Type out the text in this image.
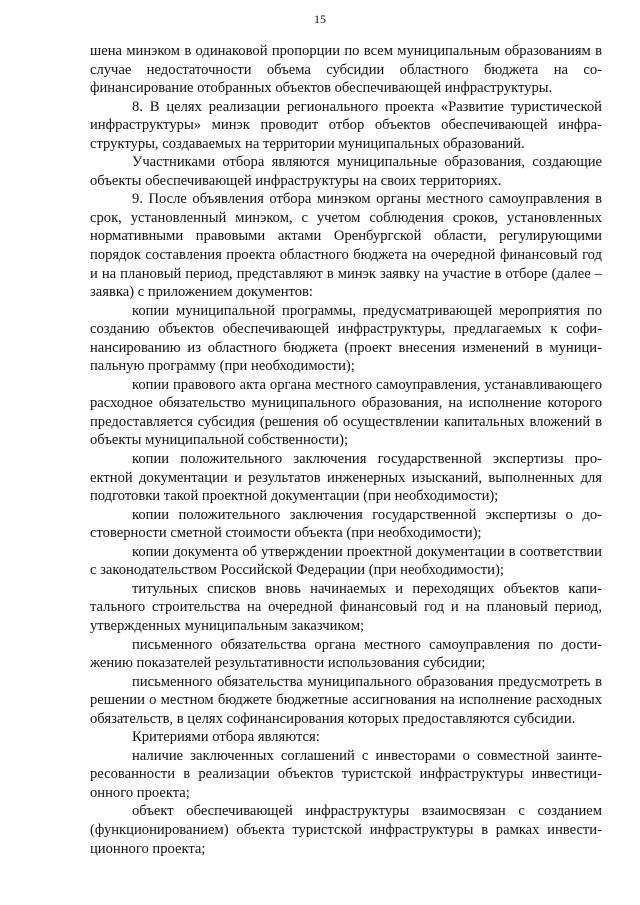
15

шена минэком в одинаковой пропорции по всем муниципальным образованиям в случае недостаточности объема субсидии областного бюджета на софинансирование отобранных объектов обеспечивающей инфраструктуры.

8. В целях реализации регионального проекта «Развитие туристической инфраструктуры» минэк проводит отбор объектов обеспечивающей инфраструктуры, создаваемых на территории муниципальных образований.

Участниками отбора являются муниципальные образования, создающие объекты обеспечивающей инфраструктуры на своих территориях.

9. После объявления отбора минэком органы местного самоуправления в срок, установленный минэком, с учетом соблюдения сроков, установленных нормативными правовыми актами Оренбургской области, регулирующими порядок составления проекта областного бюджета на очередной финансовый год и на плановый период, представляют в минэк заявку на участие в отборе (далее – заявка) с приложением документов:

копии муниципальной программы, предусматривающей мероприятия по созданию объектов обеспечивающей инфраструктуры, предлагаемых к софинансированию из областного бюджета (проект внесения изменений в муниципальную программу (при необходимости);

копии правового акта органа местного самоуправления, устанавливающего расходное обязательство муниципального образования, на исполнение которого предоставляется субсидия (решения об осуществлении капитальных вложений в объекты муниципальной собственности);

копии положительного заключения государственной экспертизы проектной документации и результатов инженерных изысканий, выполненных для подготовки такой проектной документации (при необходимости);

копии положительного заключения государственной экспертизы о достоверности сметной стоимости объекта (при необходимости);

копии документа об утверждении проектной документации в соответствии с законодательством Российской Федерации (при необходимости);

титульных списков вновь начинаемых и переходящих объектов капитального строительства на очередной финансовый год и на плановый период, утвержденных муниципальным заказчиком;

письменного обязательства органа местного самоуправления по достижению показателей результативности использования субсидии;

письменного обязательства муниципального образования предусмотреть в решении о местном бюджете бюджетные ассигнования на исполнение расходных обязательств, в целях софинансирования которых предоставляются субсидии.

Критериями отбора являются:

наличие заключенных соглашений с инвесторами о совместной заинтересованности в реализации объектов туристской инфраструктуры инвестиционного проекта;

объект обеспечивающей инфраструктуры взаимосвязан с созданием (функционированием) объекта туристской инфраструктуры в рамках инвестиционного проекта;
